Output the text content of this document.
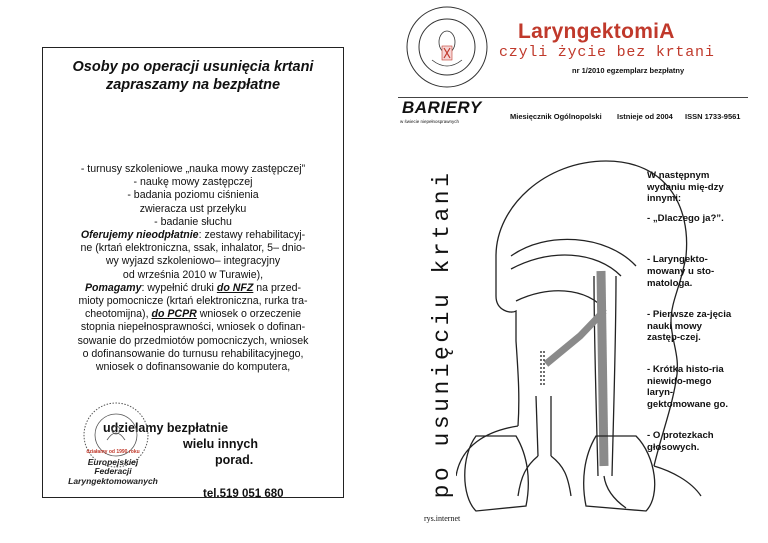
Osoby po operacji usunięcia krtani
zapraszamy na bezpłatne
- turnusy szkoleniowe „nauka mowy zastępczej”
- naukę mowy zastępczej
- badania poziomu ciśnienia
zwieracza ust przełyku
- badanie słuchu
Oferujemy nieodpłatnie: zestawy rehabilitacyj-
ne (krtań elektroniczna, ssak, inhalator, 5– dnio-
wy wyjazd szkoleniowo– integracyjny
od września 2010 w Turawie),
Pomagamy: wypełnić druki do NFZ na przed-
mioty pomocnicze (krtań elektroniczna, rurka tra-
cheotomijna), do PCPR wniosek o orzeczenie
stopnia niepełnosprawności, wniosek o dofinan-
sowanie do przedmiotów pomocniczych, wniosek
o dofinansowanie do turnusu rehabilitacyjnego,
wniosek o dofinansowanie do komputera,
udzielamy bezpłatnie
wielu innych
porad.
tel.519 051 680
działamy od 1990 roku
Europejskiej
Federacji
Laryngektomowanych
LaryngektomiA
czyli życie bez krtani
nr 1/2010 egzemplarz bezpłatny
BARIERY
w świecie niepełnosprawnych
Miesięcznik Ogólnopolski Istnieje od 2004 ISSN 1733-9561
po usunięciu krtani	W następnym wydaniu mię-dzy innymi:
- „Dlaczego ja?”.
- Laryngekto-mowany u sto-matologa.
- Pierwsze za-jęcia nauki mowy zastęp-czej.
- Krótka histo-ria niewido-mego laryn-gektomowane go.
- O protezkach głosowych.
rys.internet
